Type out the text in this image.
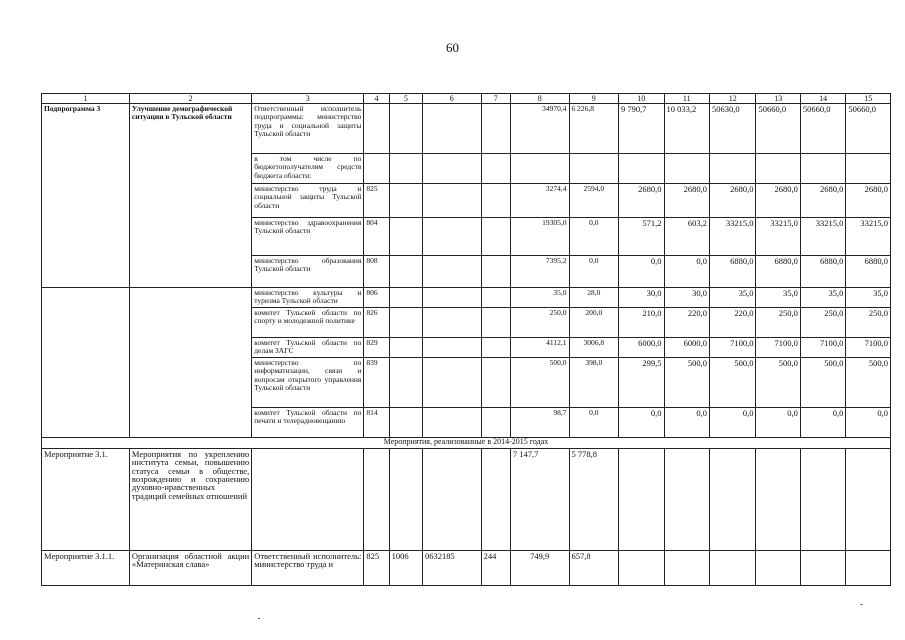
60
1	2	3	4	5	6	7	8	9	10	11	12	13	14	15
Подпрограмма 3	Улучшение демографической ситуации в Тульской области	Ответственный исполнитель подпрограммы: министерство труда и социальной защиты Тульской области					34970,4	6 226,8	9 790,7	10 033,2	50630,0	50660,0	50660,0	50660,0
		в том числе по бюджетополучателям средств бюджета области:												
		министерство труда и социальной защиты Тульской области	825				3274,4	2594,0	2680,0	2680,0	2680,0	2680,0	2680,0	2680,0
		министерство здравоохранения Тульской области	804				19305,0	0,0	571,2	603,2	33215,0	33215,0	33215,0	33215,0
		министерство образования Тульской области	808				7395,2	0,0	0,0	0,0	6880,0	6880,0	6880,0	6880,0
		министерство культуры и туризма Тульской области	806				35,0	28,0	30,0	30,0	35,0	35,0	35,0	35,0
		комитет Тульской области по спорту и молодежной политике	826				250,0	200,0	210,0	220,0	220,0	250,0	250,0	250,0
		комитет Тульской области по делам ЗАГС	829				4112,1	3006,8	6000,0	6000,0	7100,0	7100,0	7100,0	7100,0
		министерство по информатизации, связи и вопросам открытого управления Тульской области	839				500,0	398,0	299,5	500,0	500,0	500,0	500,0	500,0
		комитет Тульской области по печати и телерадиовещанию	814				98,7	0,0	0,0	0,0	0,0	0,0	0,0	0,0
Мероприятия, реализованные в 2014-2015 годах														
Мероприятие 3.1.	Мероприятия по укреплению института семьи, повышению статуса семьи в обществе, возрождению и сохранению духовно-нравственных традиций семейных отношений						7 147,7	5 778,8						
Мероприятие 3.1.1.	Организация областной акции «Материнская слава»	Ответственный исполнитель: министерство труда и	825	1006	0632185	244	749,9	657,8						
